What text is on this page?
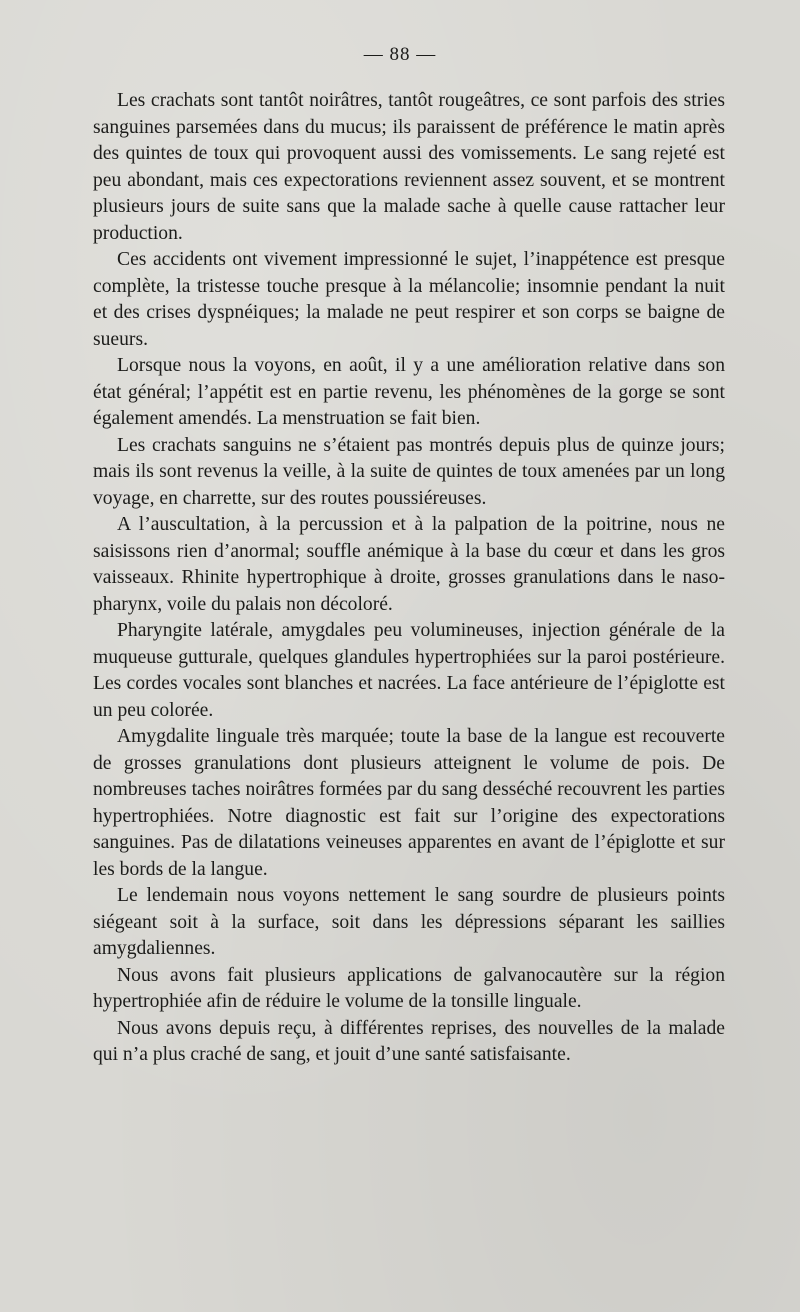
— 88 —

Les crachats sont tantôt noirâtres, tantôt rougeâtres, ce sont parfois des stries sanguines parsemées dans du mucus; ils paraissent de préférence le matin après des quintes de toux qui provoquent aussi des vomissements. Le sang rejeté est peu abondant, mais ces expectorations reviennent assez souvent, et se montrent plusieurs jours de suite sans que la malade sache à quelle cause rattacher leur production.

Ces accidents ont vivement impressionné le sujet, l’inappétence est presque complète, la tristesse touche presque à la mélancolie; insomnie pendant la nuit et des crises dyspnéiques; la malade ne peut respirer et son corps se baigne de sueurs.

Lorsque nous la voyons, en août, il y a une amélioration relative dans son état général; l’appétit est en partie revenu, les phénomènes de la gorge se sont également amendés. La menstruation se fait bien.

Les crachats sanguins ne s’étaient pas montrés depuis plus de quinze jours; mais ils sont revenus la veille, à la suite de quintes de toux amenées par un long voyage, en charrette, sur des routes poussiéreuses.

A l’auscultation, à la percussion et à la palpation de la poitrine, nous ne saisissons rien d’anormal; souffle anémique à la base du cœur et dans les gros vaisseaux. Rhinite hypertrophique à droite, grosses granulations dans le naso-pharynx, voile du palais non décoloré.

Pharyngite latérale, amygdales peu volumineuses, injection générale de la muqueuse gutturale, quelques glandules hypertrophiées sur la paroi postérieure. Les cordes vocales sont blanches et nacrées. La face antérieure de l’épiglotte est un peu colorée.

Amygdalite linguale très marquée; toute la base de la langue est recouverte de grosses granulations dont plusieurs atteignent le volume de pois. De nombreuses taches noirâtres formées par du sang desséché recouvrent les parties hypertrophiées. Notre diagnostic est fait sur l’origine des expectorations sanguines. Pas de dilatations veineuses apparentes en avant de l’épiglotte et sur les bords de la langue.

Le lendemain nous voyons nettement le sang sourdre de plusieurs points siégeant soit à la surface, soit dans les dépressions séparant les saillies amygdaliennes.

Nous avons fait plusieurs applications de galvanocautère sur la région hypertrophiée afin de réduire le volume de la tonsille linguale.

Nous avons depuis reçu, à différentes reprises, des nouvelles de la malade qui n’a plus craché de sang, et jouit d’une santé satisfaisante.
